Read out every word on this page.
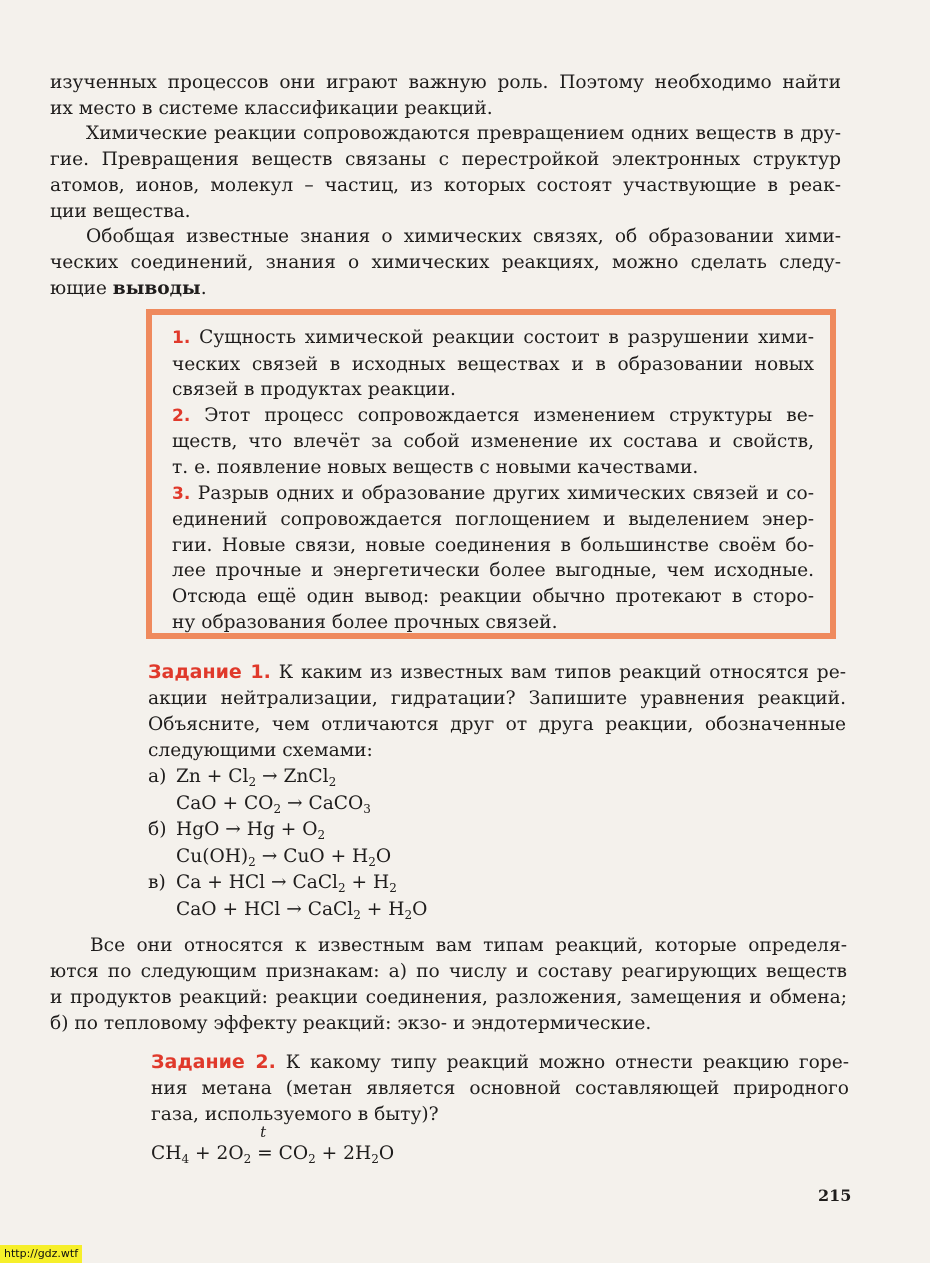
изученных процессов они играют важную роль. Поэтому необходимо найти
их место в системе классификации реакций.
Химические реакции сопровождаются превращением одних веществ в дру-
гие. Превращения веществ связаны с перестройкой электронных структур
атомов, ионов, молекул – частиц, из которых состоят участвующие в реак-
ции вещества.
Обобщая известные знания о химических связях, об образовании хими-
ческих соединений, знания о химических реакциях, можно сделать следу-
ющие выводы.
1. Сущность химической реакции состоит в разрушении хими-
ческих связей в исходных веществах и в образовании новых
связей в продуктах реакции.
2. Этот процесс сопровождается изменением структуры ве-
ществ, что влечёт за собой изменение их состава и свойств,
т. е. появление новых веществ с новыми качествами.
3. Разрыв одних и образование других химических связей и со-
единений сопровождается поглощением и выделением энер-
гии. Новые связи, новые соединения в большинстве своём бо-
лее прочные и энергетически более выгодные, чем исходные.
Отсюда ещё один вывод: реакции обычно протекают в сторо-
ну образования более прочных связей.
Задание 1. К каким из известных вам типов реакций относятся ре-
акции нейтрализации, гидратации? Запишите уравнения реакций.
Объясните, чем отличаются друг от друга реакции, обозначенные
следующими схемами:
а) $Zn + Cl_2$ → ZnCl$_2$
CaO + $CO_2$ → CaCO$_3$
б) HgO → $Hg + O_2$
$Cu(OH)_2$ → CuO + $H_2O$
в) Ca + HCl → CaCl$_2$ + $H_2$
CaO + HCl → CaCl$_2$ + $H_2O$
Все они относятся к известным вам типам реакций, которые определя-
ются по следующим признакам: а) по числу и составу реагирующих веществ
и продуктов реакций: реакции соединения, разложения, замещения и обмена;
б) по тепловому эффекту реакций: экзо- и эндотермические.
Задание 2. К какому типу реакций можно отнести реакцию горе-
ния метана (метан является основной составляющей природного
газа, используемого в быту)?
$CH_4 + 2O_2$
t
= $CO_2 + 2H_2O$
215
http://gdz.wtf
